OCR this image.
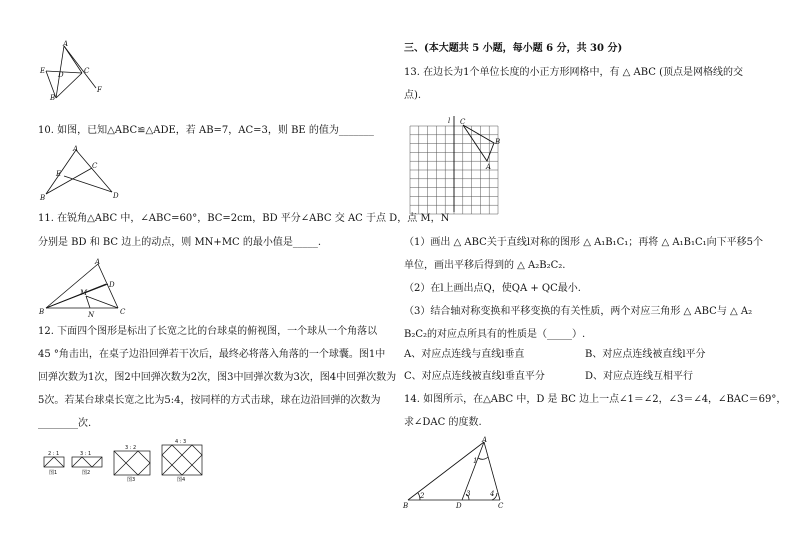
A
E D
B
C
F
10. 如图，已知△ABC≌△ADE，若 AB=7，AC=3，则 BE 的值为_______
A
C
E
B	D
11. 在锐角△ABC 中，∠ABC=60°，BC=2cm，BD 平分∠ABC 交 AC 于点 D，点 M，N
分别是 BD 和 BC 边上的动点，则 MN+MC 的最小值是_____.
A
D
M
B	N	C
12. 下面四个图形是标出了长宽之比的台球桌的俯视图，一个球从一个角落以
45 °角击出，在桌子边沿回弹若干次后，最终必将落入角落的一个球囊。图1中
回弹次数为1次，图2中回弹次数为2次，图3中回弹次数为3次，图4中回弹次数为
5次。若某台球桌长宽之比为5:4，按同样的方式击球，球在边沿回弹的次数为
________次.
2 : 1	3 : 1
3 : 2
4 : 3
图1	图2
图3	图4
三、(本大题共 5 小题，每小题 6 分，共 30 分)
13. 在边长为1个单位长度的小正方形网格中，有 △ ABC (顶点是网格线的交
点).
l C
B
A
（1）画出 △ ABC关于直线l对称的图形 △ A₁B₁C₁；再将 △ A₁B₁C₁向下平移5个
单位，画出平移后得到的 △ A₂B₂C₂.
（2）在l上画出点Q，使QA + QC最小.
（3）结合轴对称变换和平移变换的有关性质，两个对应三角形 △ ABC与 △ A₂
B₂C₂的对应点所具有的性质是（_____）.
A、对应点连线与直线l垂直	B、对应点连线被直线l平分
C、对应点连线被直线l垂直平分	D、对应点连线互相平行
14. 如图所示，在△ABC 中，D 是 BC 边上一点∠1＝∠2，∠3＝∠4，∠BAC＝69°，
求∠DAC 的度数.
A
1
2	3	4
B	D	C
